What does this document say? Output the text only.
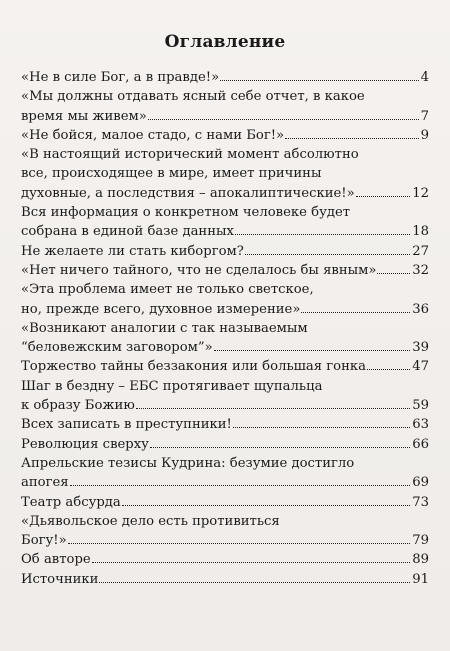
Оглавление
«Не в силе Бог, а в правде!»	4
«Мы должны отдавать ясный себе отчет, в какое
время мы живем»	7
«Не бойся, малое стадо, с нами Бог!»	9
«В настоящий исторический момент абсолютно
все, происходящее в мире, имеет причины
духовные, а последствия – апокалиптические!»	12
Вся информация о конкретном человеке будет
собрана в единой базе данных	18
Не желаете ли стать киборгом?	27
«Нет ничего тайного, что не сделалось бы явным»	32
«Эта проблема имеет не только светское,
но, прежде всего, духовное измерение»	36
«Возникают аналогии с так называемым
“беловежским заговором”»	39
Торжество тайны беззакония или большая гонка	47
Шаг в бездну – ЕБС протягивает щупальца
к образу Божию	59
Всех записать в преступники!	63
Революция сверху	66
Апрельские тезисы Кудрина: безумие достигло
апогея	69
Театр абсурда	73
«Дьявольское дело есть противиться
Богу!»	79
Об авторе	89
Источники	91
